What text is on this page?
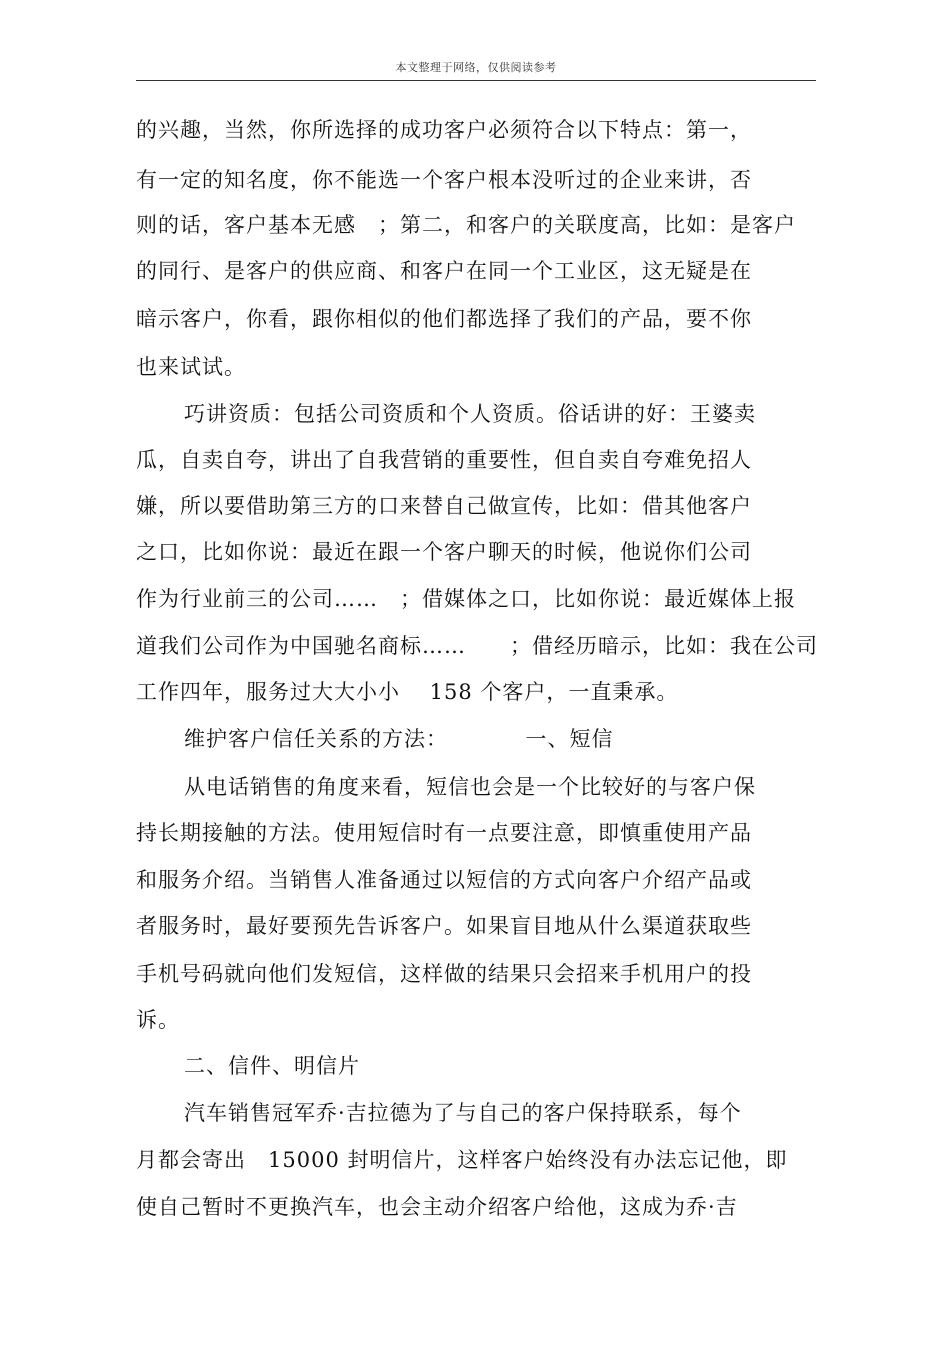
本文整理于网络，仅供阅读参考
的兴趣，当然，你所选择的成功客户必须符合以下特点：第一，
有一定的知名度，你不能选一个客户根本没听过的企业来讲，否
则的话，客户基本无感　；第二，和客户的关联度高，比如：是客户
的同行、是客户的供应商、和客户在同一个工业区，这无疑是在
暗示客户，你看，跟你相似的他们都选择了我们的产品，要不你
也来试试。
巧讲资质：包括公司资质和个人资质。俗话讲的好：王婆卖
瓜，自卖自夸，讲出了自我营销的重要性，但自卖自夸难免招人
嫌，所以要借助第三方的口来替自己做宣传，比如：借其他客户
之口，比如你说：最近在跟一个客户聊天的时候，他说你们公司
作为行业前三的公司……　；借媒体之口，比如你说：最近媒体上报
道我们公司作为中国驰名商标……　　；借经历暗示，比如：我在公司
工作四年，服务过大大小小　 158 个客户，一直秉承。
维护客户信任关系的方法：　　　　一、短信
从电话销售的角度来看，短信也会是一个比较好的与客户保
持长期接触的方法。使用短信时有一点要注意，即慎重使用产品
和服务介绍。当销售人准备通过以短信的方式向客户介绍产品或
者服务时，最好要预先告诉客户。如果盲目地从什么渠道获取些
手机号码就向他们发短信，这样做的结果只会招来手机用户的投
诉。
二、信件、明信片
汽车销售冠军乔·吉拉德为了与自己的客户保持联系，每个
月都会寄出　15000 封明信片，这样客户始终没有办法忘记他，即
使自己暂时不更换汽车，也会主动介绍客户给他，这成为乔·吉
